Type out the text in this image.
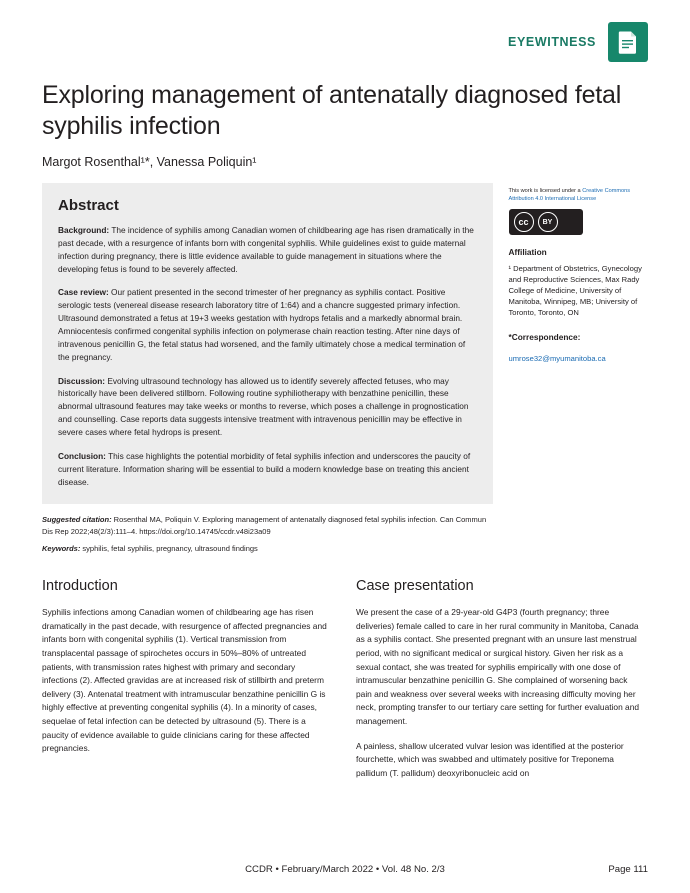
EYEWITNESS
Exploring management of antenatally diagnosed fetal syphilis infection
Margot Rosenthal¹*, Vanessa Poliquin¹
Abstract

Background: The incidence of syphilis among Canadian women of childbearing age has risen dramatically in the past decade, with a resurgence of infants born with congenital syphilis. While guidelines exist to guide maternal infection during pregnancy, there is little evidence available to guide management in situations where the developing fetus is found to be severely affected.

Case review: Our patient presented in the second trimester of her pregnancy as syphilis contact. Positive serologic tests (venereal disease research laboratory titre of 1:64) and a chancre suggested primary infection. Ultrasound demonstrated a fetus at 19+3 weeks gestation with hydrops fetalis and a markedly abnormal brain. Amniocentesis confirmed congenital syphilis infection on polymerase chain reaction testing. After nine days of intravenous penicillin G, the fetal status had worsened, and the family ultimately chose a medical termination of the pregnancy.

Discussion: Evolving ultrasound technology has allowed us to identify severely affected fetuses, who may historically have been delivered stillborn. Following routine syphiliotherapy with benzathine penicillin, these abnormal ultrasound features may take weeks or months to reverse, which poses a challenge in prognostication and counselling. Case reports data suggests intensive treatment with intravenous penicillin may be effective in severe cases where fetal hydrops is present.

Conclusion: This case highlights the potential morbidity of fetal syphilis infection and underscores the paucity of current literature. Information sharing will be essential to build a modern knowledge base on treating this ancient disease.

This work is licensed under a Creative Commons Attribution 4.0 International License
cc	BY
Affiliation
¹ Department of Obstetrics, Gynecology and Reproductive Sciences, Max Rady College of Medicine, University of Manitoba, Winnipeg, MB; University of Toronto, Toronto, ON
*Correspondence:
umrose32@myumanitoba.ca
Suggested citation: Rosenthal MA, Poliquin V. Exploring management of antenatally diagnosed fetal syphilis infection. Can Commun Dis Rep 2022;48(2/3):111–4. https://doi.org/10.14745/ccdr.v48i23a09
Keywords: syphilis, fetal syphilis, pregnancy, ultrasound findings
Introduction

Syphilis infections among Canadian women of childbearing age has risen dramatically in the past decade, with resurgence of affected pregnancies and infants born with congenital syphilis (1). Vertical transmission from transplacental passage of spirochetes occurs in 50%–80% of untreated patients, with transmission rates highest with primary and secondary infections (2). Affected gravidas are at increased risk of stillbirth and preterm delivery (3). Antenatal treatment with intramuscular benzathine penicillin G is highly effective at preventing congenital syphilis (4). In a minority of cases, sequelae of fetal infection can be detected by ultrasound (5). There is a paucity of evidence available to guide clinicians caring for these affected pregnancies.

Case presentation

We present the case of a 29-year-old G4P3 (fourth pregnancy; three deliveries) female called to care in her rural community in Manitoba, Canada as a syphilis contact. She presented pregnant with an unsure last menstrual period, with no significant medical or surgical history. Given her risk as a sexual contact, she was treated for syphilis empirically with one dose of intramuscular benzathine penicillin G. She complained of worsening back pain and weakness over several weeks with increasing difficulty moving her neck, prompting transfer to our tertiary care setting for further evaluation and management.

A painless, shallow ulcerated vulvar lesion was identified at the posterior fourchette, which was swabbed and ultimately positive for Treponema pallidum (T. pallidum) deoxyribonucleic acid on

CCDR • February/March 2022 • Vol. 48 No. 2/3	Page 111
